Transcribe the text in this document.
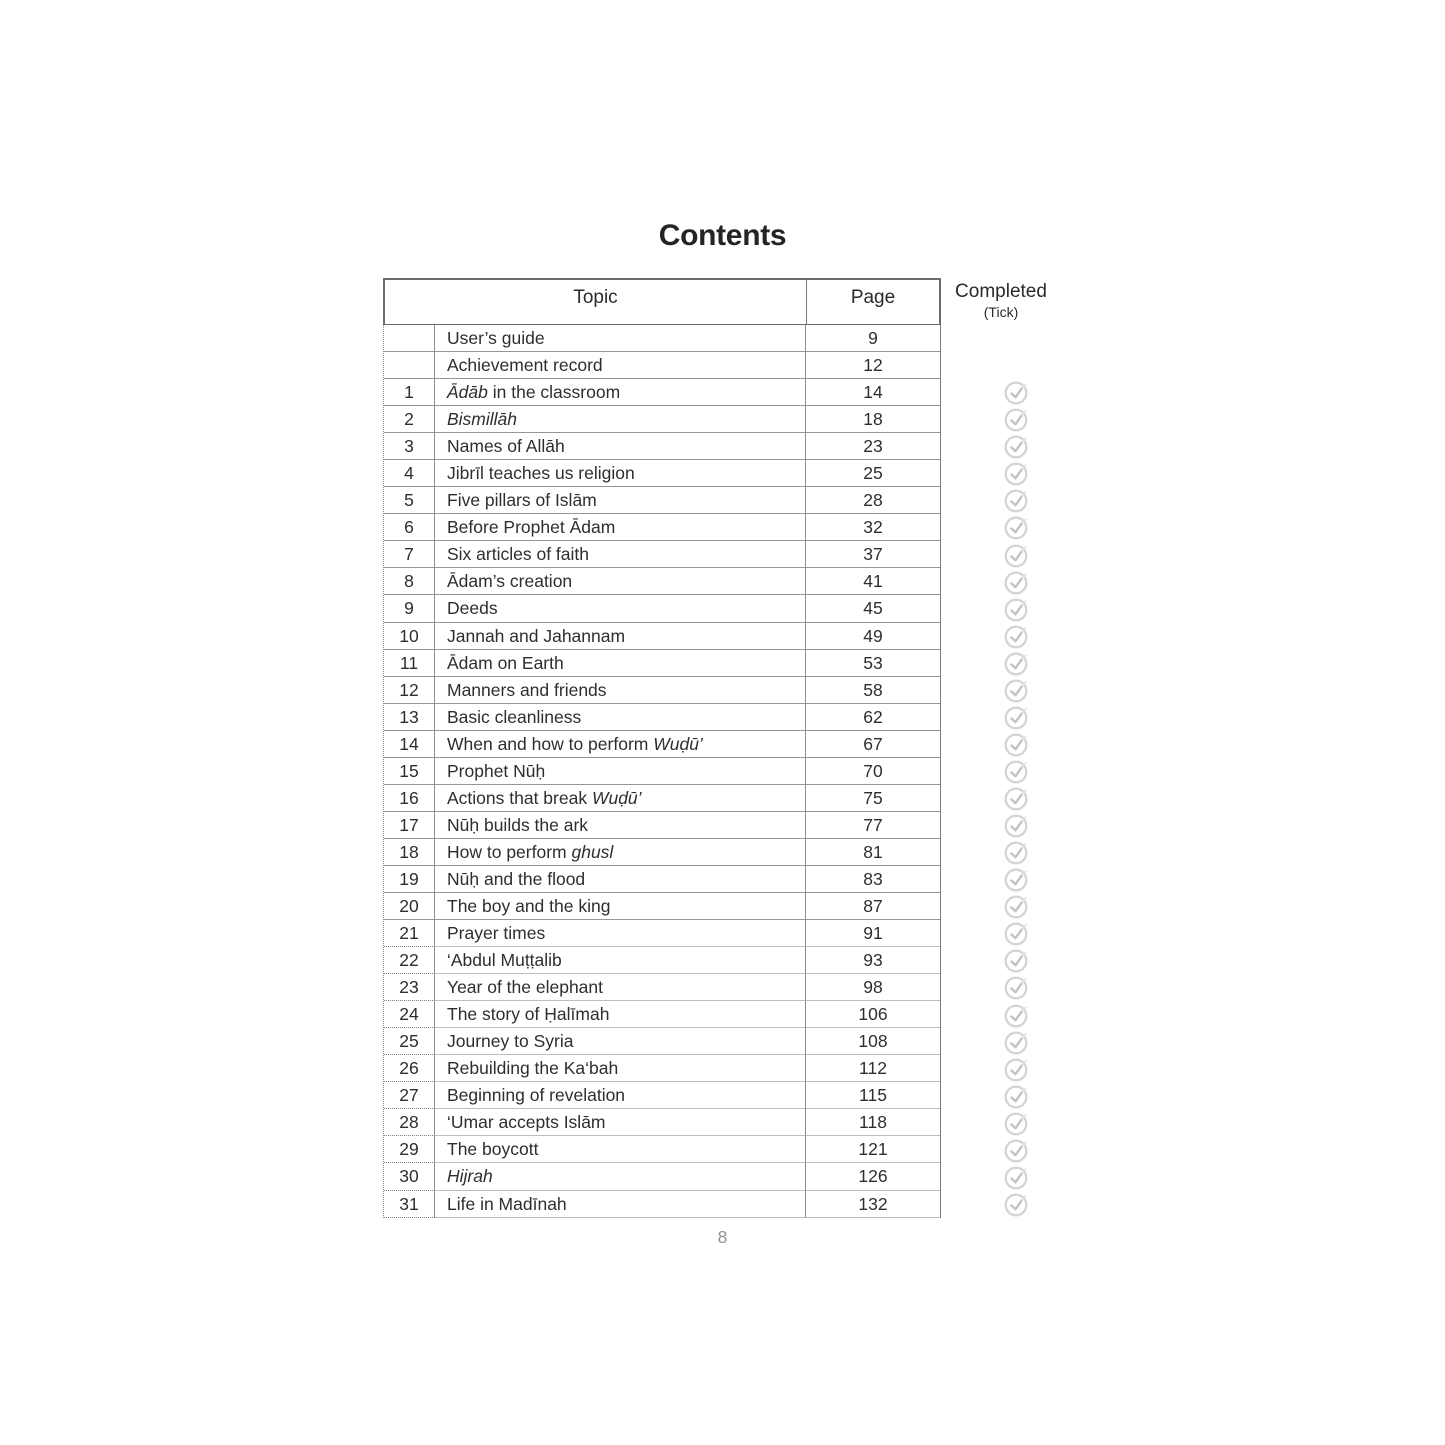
Contents
Completed
(Tick)
Topic	Page
User’s guide	9
Achievement record	12
1	Ādāb in the classroom	14
2	Bismillāh	18
3	Names of Allāh	23
4	Jibrīl teaches us religion	25
5	Five pillars of Islām	28
6	Before Prophet Ādam	32
7	Six articles of faith	37
8	Ādam’s creation	41
9	Deeds	45
10	Jannah and Jahannam	49
11	Ādam on Earth	53
12	Manners and friends	58
13	Basic cleanliness	62
14	When and how to perform Wuḍū’	67
15	Prophet Nūḥ	70
16	Actions that break Wuḍū’	75
17	Nūḥ builds the ark	77
18	How to perform ghusl	81
19	Nūḥ and the flood	83
20	The boy and the king	87
21	Prayer times	91
22	‘Abdul Muṭṭalib	93
23	Year of the elephant	98
24	The story of Ḥalīmah	106
25	Journey to Syria	108
26	Rebuilding the Ka‘bah	112
27	Beginning of revelation	115
28	‘Umar accepts Islām	118
29	The boycott	121
30	Hijrah	126
31	Life in Madīnah	132
8
